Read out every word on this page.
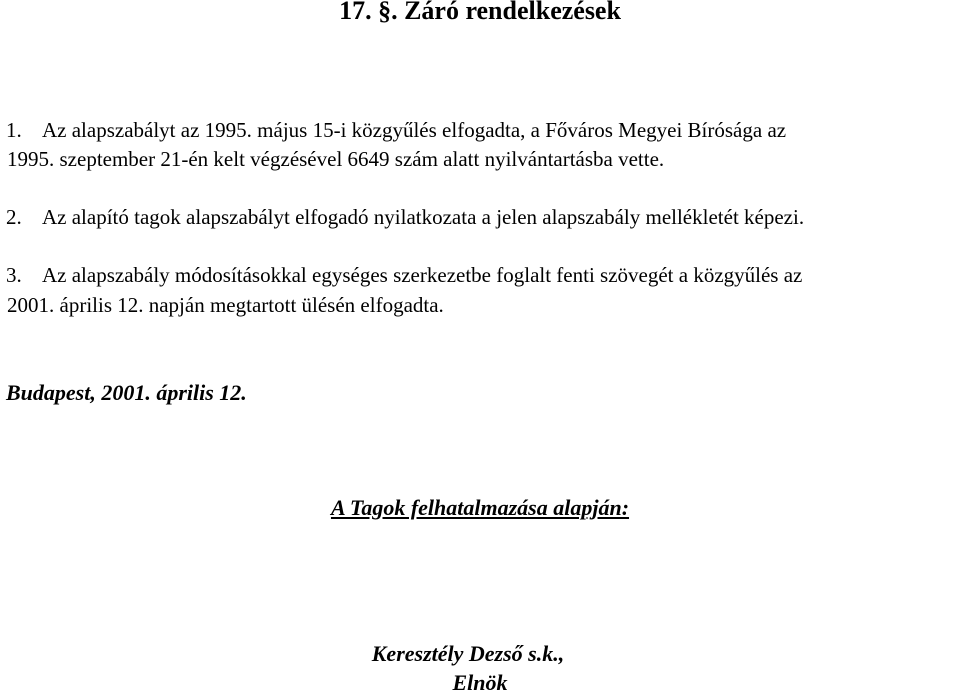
17. §. Záró rendelkezések
1. Az alapszabályt az 1995. május 15-i közgyűlés elfogadta, a Főváros Megyei Bírósága az
1995. szeptember 21-én kelt végzésével 6649 szám alatt nyilvántartásba vette.
2. Az alapító tagok alapszabályt elfogadó nyilatkozata a jelen alapszabály mellékletét képezi.
3. Az alapszabály módosításokkal egységes szerkezetbe foglalt fenti szövegét a közgyűlés az
2001. április 12. napján megtartott ülésén elfogadta.
Budapest, 2001. április 12.
A Tagok felhatalmazása alapján:
Keresztély Dezső s.k.,
Elnök
